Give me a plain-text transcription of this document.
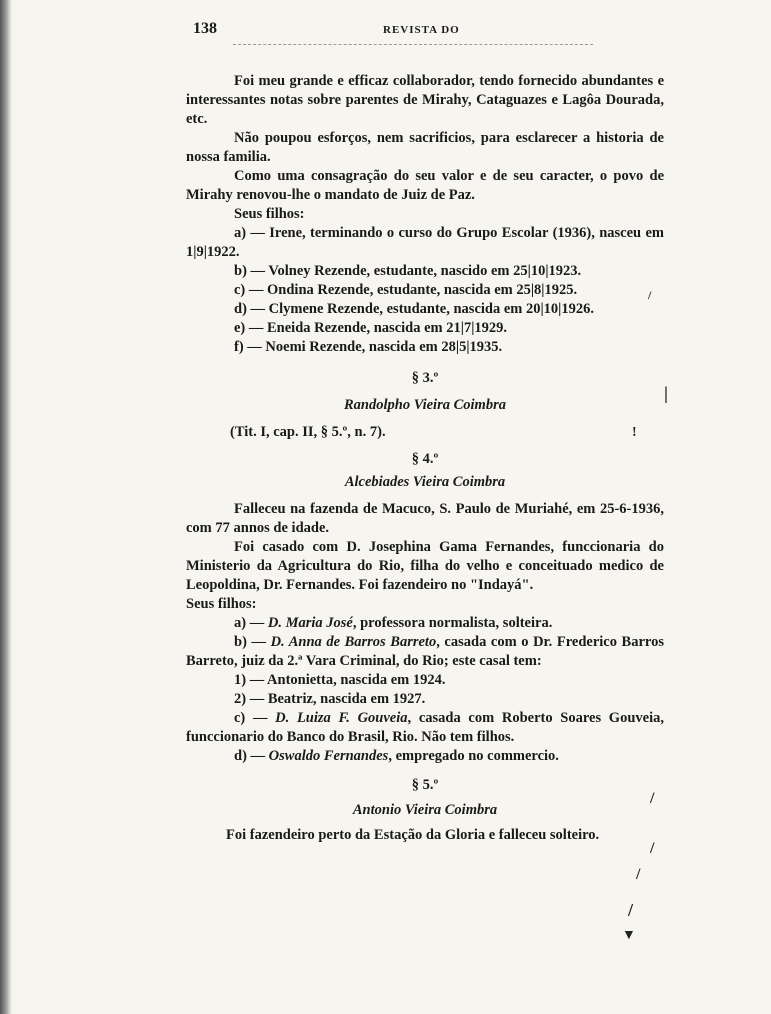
138	REVISTA DO

Foi meu grande e efficaz collaborador, tendo fornecido abundantes e interessantes notas sobre parentes de Mirahy, Cataguazes e Lagôa Dourada, etc.

Não poupou esforços, nem sacrificios, para esclarecer a historia de nossa familia.

Como uma consagração do seu valor e de seu caracter, o povo de Mirahy renovou-lhe o mandato de Juiz de Paz.

Seus filhos:

a) — Irene, terminando o curso do Grupo Escolar (1936), nasceu em 1|9|1922.

b) — Volney Rezende, estudante, nascido em 25|10|1923.

c) — Ondina Rezende, estudante, nascida em 25|8|1925.

d) — Clymene Rezende, estudante, nascida em 20|10|1926.

e) — Eneida Rezende, nascida em 21|7|1929.

f) — Noemi Rezende, nascida em 28|5|1935.

§ 3.º

Randolpho Vieira Coimbra

(Tit. I, cap. II, § 5.º, n. 7).

§ 4.º

Alcebiades Vieira Coimbra

Falleceu na fazenda de Macuco, S. Paulo de Muriahé, em 25-6-1936, com 77 annos de idade.

Foi casado com D. Josephina Gama Fernandes, funccionaria do Ministerio da Agricultura do Rio, filha do velho e conceituado medico de Leopoldina, Dr. Fernandes. Foi fazendeiro no "Indayá".

Seus filhos:

a) — D. Maria José, professora normalista, solteira.

b) — D. Anna de Barros Barreto, casada com o Dr. Frederico Barros Barreto, juiz da 2.ª Vara Criminal, do Rio; este casal tem:

1) — Antonietta, nascida em 1924.

2) — Beatriz, nascida em 1927.

c) — D. Luiza F. Gouveia, casada com Roberto Soares Gouveia, funccionario do Banco do Brasil, Rio. Não tem filhos.

d) — Oswaldo Fernandes, empregado no commercio.

§ 5.º

Antonio Vieira Coimbra

Foi fazendeiro perto da Estação da Gloria e falleceu solteiro.

/
|
!
/
/
/
/
▼
